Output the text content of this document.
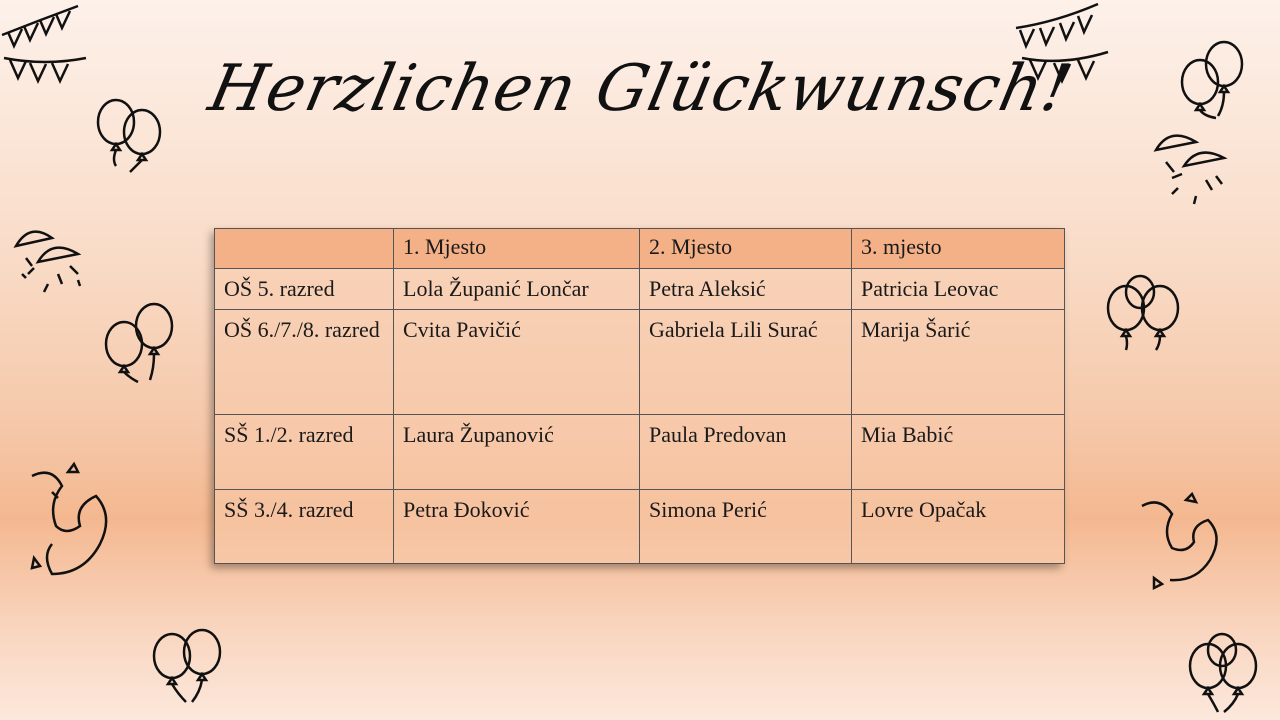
Herzlichen Glückwunsch!
	1. Mjesto	2. Mjesto	3. mjesto
OŠ 5. razred	Lola Županić Lončar	Petra Aleksić	Patricia Leovac
OŠ 6./7./8. razred	Cvita Pavičić	Gabriela Lili Surać	Marija Šarić
SŠ 1./2. razred	Laura Županović	Paula Predovan	Mia Babić
SŠ 3./4. razred	Petra Đoković	Simona Perić	Lovre Opačak
